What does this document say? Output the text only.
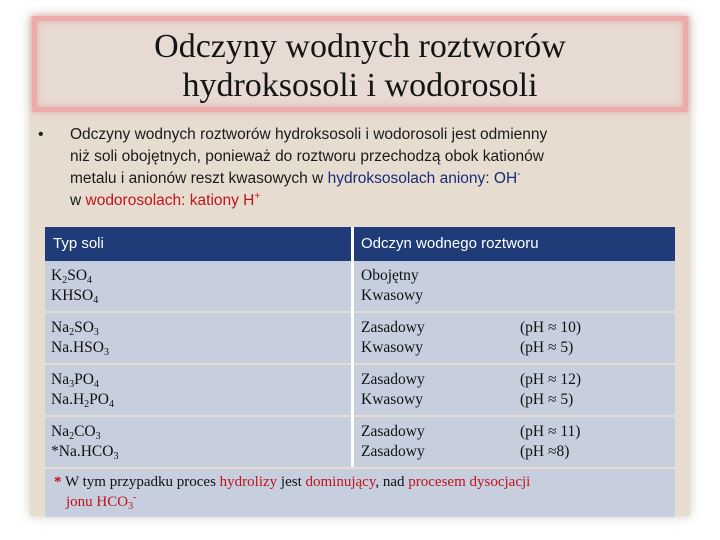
Odczyny wodnych roztworów
hydroksosoli i wodorosoli
• Odczyny wodnych roztworów hydroksosoli i wodorosoli jest odmienny
niż soli obojętnych, ponieważ do roztworu przechodzą obok kationów
metalu i anionów reszt kwasowych w hydroksosolach aniony: OH-
w wodorosolach: kationy H+
Typ soli	Odczyn wodnego roztworu
$K_2SO_4$
$KHSO_4$
Obojętny
Kwasowy
$Na_2SO_3$
$Na.HSO_3$
Zasadowy
Kwasowy
(pH ≈ 10)
(pH ≈ 5)
$Na_3PO_4$
$Na.H_2PO_4$
Zasadowy
Kwasowy
(pH ≈ 12)
(pH ≈ 5)
$Na_2CO_3$
$*Na.HCO_3$
Zasadowy
Zasadowy
(pH ≈ 11)
(pH ≈8)
* W tym przypadku proces hydrolizy jest dominujący, nad procesem dysocjacji
jonu $HCO_3^-$
